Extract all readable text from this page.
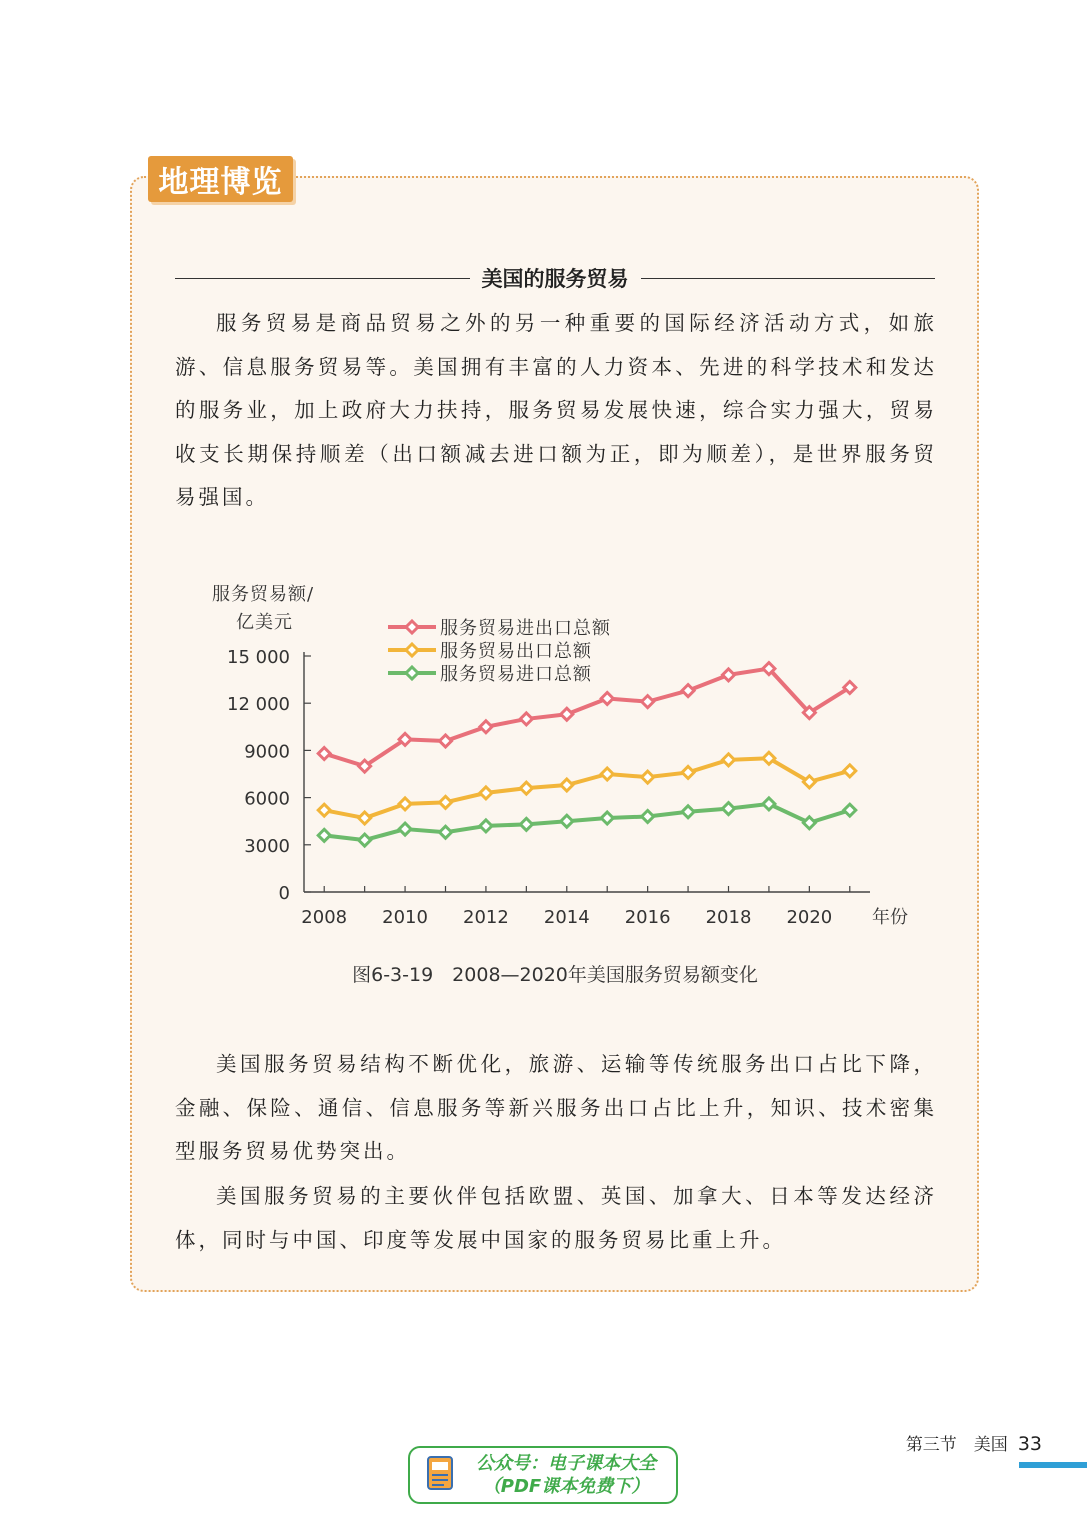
地理博览
美国的服务贸易

服务贸易是商品贸易之外的另一种重要的国际经济活动方式，如旅游、信息服务贸易等。美国拥有丰富的人力资本、先进的科学技术和发达的服务业，加上政府大力扶持，服务贸易发展快速，综合实力强大，贸易收支长期保持顺差（出口额减去进口额为正，即为顺差），是世界服务贸易强国。

0
3000
6000
9000
12 000
15 000
2008 2010 2012 2014 2016 2018 2020
服务贸易额/
亿美元
年份
服务贸易进出口总额
服务贸易出口总额
服务贸易进口总额
图6-3-19　2008—2020年美国服务贸易额变化

美国服务贸易结构不断优化，旅游、运输等传统服务出口占比下降，金融、保险、通信、信息服务等新兴服务出口占比上升，知识、技术密集型服务贸易优势突出。

美国服务贸易的主要伙伴包括欧盟、英国、加拿大、日本等发达经济体，同时与中国、印度等发展中国家的服务贸易比重上升。

第三节　美国 33
公众号：电子课本大全
（PDF课本免费下）
